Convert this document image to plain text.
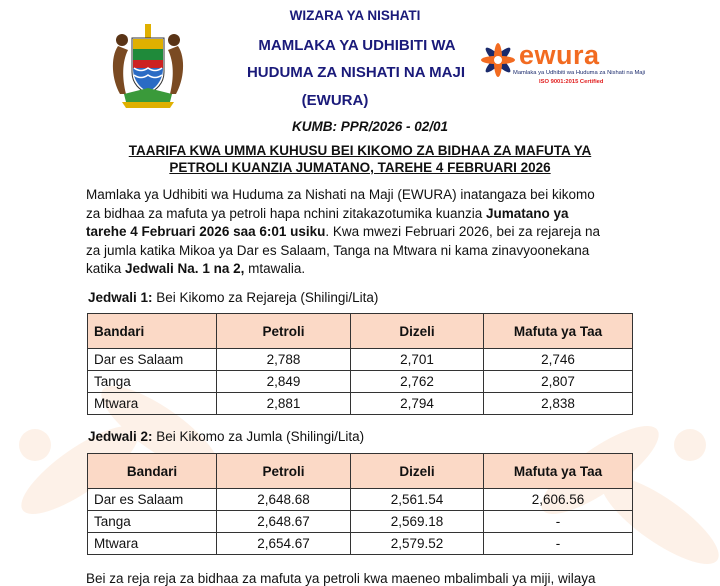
WIZARA YA NISHATI
MAMLAKA YA UDHIBITI WA
HUDUMA ZA NISHATI NA MAJI
(EWURA)
ewura
Mamlaka ya Udhibiti wa Huduma za Nishati na Maji
ISO 9001:2015 Certified
KUMB: PPR/2026 - 02/01
TAARIFA KWA UMMA KUHUSU BEI KIKOMO ZA BIDHAA ZA MAFUTA YA
PETROLI KUANZIA JUMATANO, TAREHE 4 FEBRUARI 2026
Mamlaka ya Udhibiti wa Huduma za Nishati na Maji (EWURA) inatangaza bei kikomo
za bidhaa za mafuta ya petroli hapa nchini zitakazotumika kuanzia Jumatano ya
tarehe 4 Februari 2026 saa 6:01 usiku. Kwa mwezi Februari 2026, bei za rejareja na
za jumla katika Mikoa ya Dar es Salaam, Tanga na Mtwara ni kama zinavyoonekana
katika Jedwali Na. 1 na 2, mtawalia.
Jedwali 1: Bei Kikomo za Rejareja (Shilingi/Lita)
Bandari	Petroli	Dizeli	Mafuta ya Taa
Dar es Salaam	2,788	2,701	2,746
Tanga	2,849	2,762	2,807
Mtwara	2,881	2,794	2,838
Jedwali 2: Bei Kikomo za Jumla (Shilingi/Lita)
Bandari	Petroli	Dizeli	Mafuta ya Taa
Dar es Salaam	2,648.68	2,561.54	2,606.56
Tanga	2,648.67	2,569.18	-
Mtwara	2,654.67	2,579.52	-
Bei za reja reja za bidhaa za mafuta ya petroli kwa maeneo mbalimbali ya miji, wilaya
